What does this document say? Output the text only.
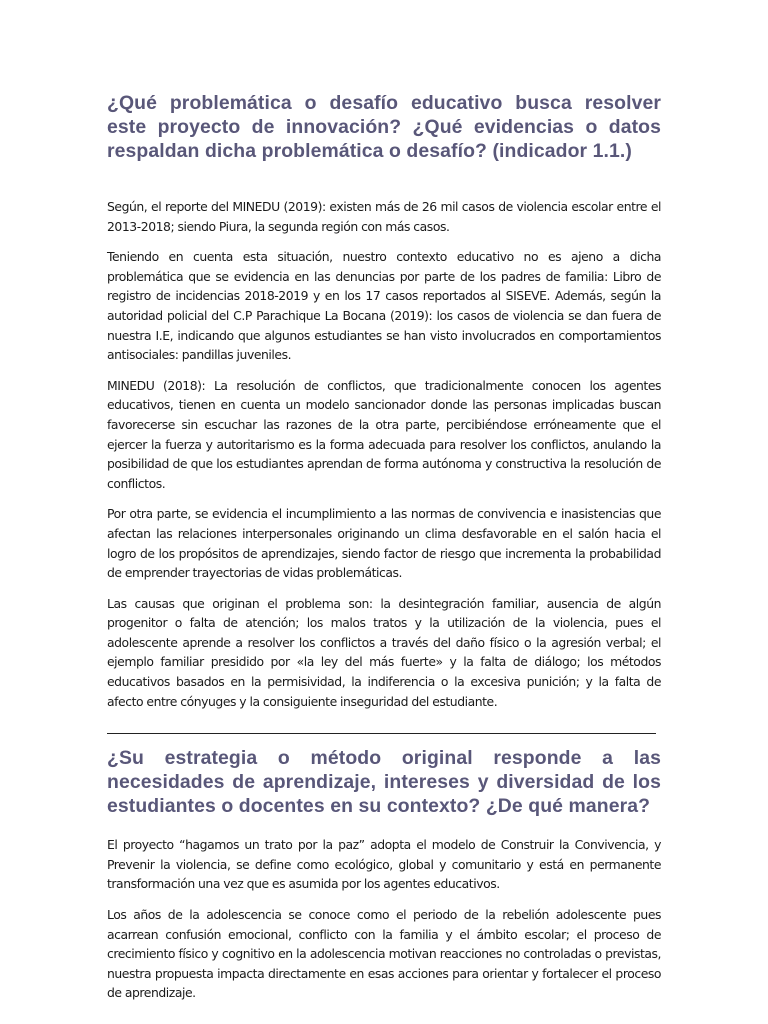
¿Qué problemática o desafío educativo busca resolver este proyecto de innovación? ¿Qué evidencias o datos respaldan dicha problemática o desafío? (indicador 1.1.)

Según, el reporte del MINEDU (2019): existen más de 26 mil casos de violencia escolar entre el 2013-2018; siendo Piura, la segunda región con más casos.

Teniendo en cuenta esta situación, nuestro contexto educativo no es ajeno a dicha problemática que se evidencia en las denuncias por parte de los padres de familia: Libro de registro de incidencias 2018-2019 y en los 17 casos reportados al SISEVE. Además, según la autoridad policial del C.P Parachique La Bocana (2019): los casos de violencia se dan fuera de nuestra I.E, indicando que algunos estudiantes se han visto involucrados en comportamientos antisociales: pandillas juveniles.

MINEDU (2018): La resolución de conflictos, que tradicionalmente conocen los agentes educativos, tienen en cuenta un modelo sancionador donde las personas implicadas buscan favorecerse sin escuchar las razones de la otra parte, percibiéndose erróneamente que el ejercer la fuerza y autoritarismo es la forma adecuada para resolver los conflictos, anulando la posibilidad de que los estudiantes aprendan de forma autónoma y constructiva la resolución de conflictos.

Por otra parte, se evidencia el incumplimiento a las normas de convivencia e inasistencias que afectan las relaciones interpersonales originando un clima desfavorable en el salón hacia el logro de los propósitos de aprendizajes, siendo factor de riesgo que incrementa la probabilidad de emprender trayectorias de vidas problemáticas.

Las causas que originan el problema son: la desintegración familiar, ausencia de algún progenitor o falta de atención; los malos tratos y la utilización de la violencia, pues el adolescente aprende a resolver los conflictos a través del daño físico o la agresión verbal; el ejemplo familiar presidido por «la ley del más fuerte» y la falta de diálogo; los métodos educativos basados en la permisividad, la indiferencia o la excesiva punición; y la falta de afecto entre cónyuges y la consiguiente inseguridad del estudiante.

¿Su estrategia o método original responde a las necesidades de aprendizaje, intereses y diversidad de los estudiantes o docentes en su contexto? ¿De qué manera?

El proyecto “hagamos un trato por la paz” adopta el modelo de Construir la Convivencia, y Prevenir la violencia, se define como ecológico, global y comunitario y está en permanente transformación una vez que es asumida por los agentes educativos.

Los años de la adolescencia se conoce como el periodo de la rebelión adolescente pues acarrean confusión emocional, conflicto con la familia y el ámbito escolar; el proceso de crecimiento físico y cognitivo en la adolescencia motivan reacciones no controladas o previstas, nuestra propuesta impacta directamente en esas acciones para orientar y fortalecer el proceso de aprendizaje.
